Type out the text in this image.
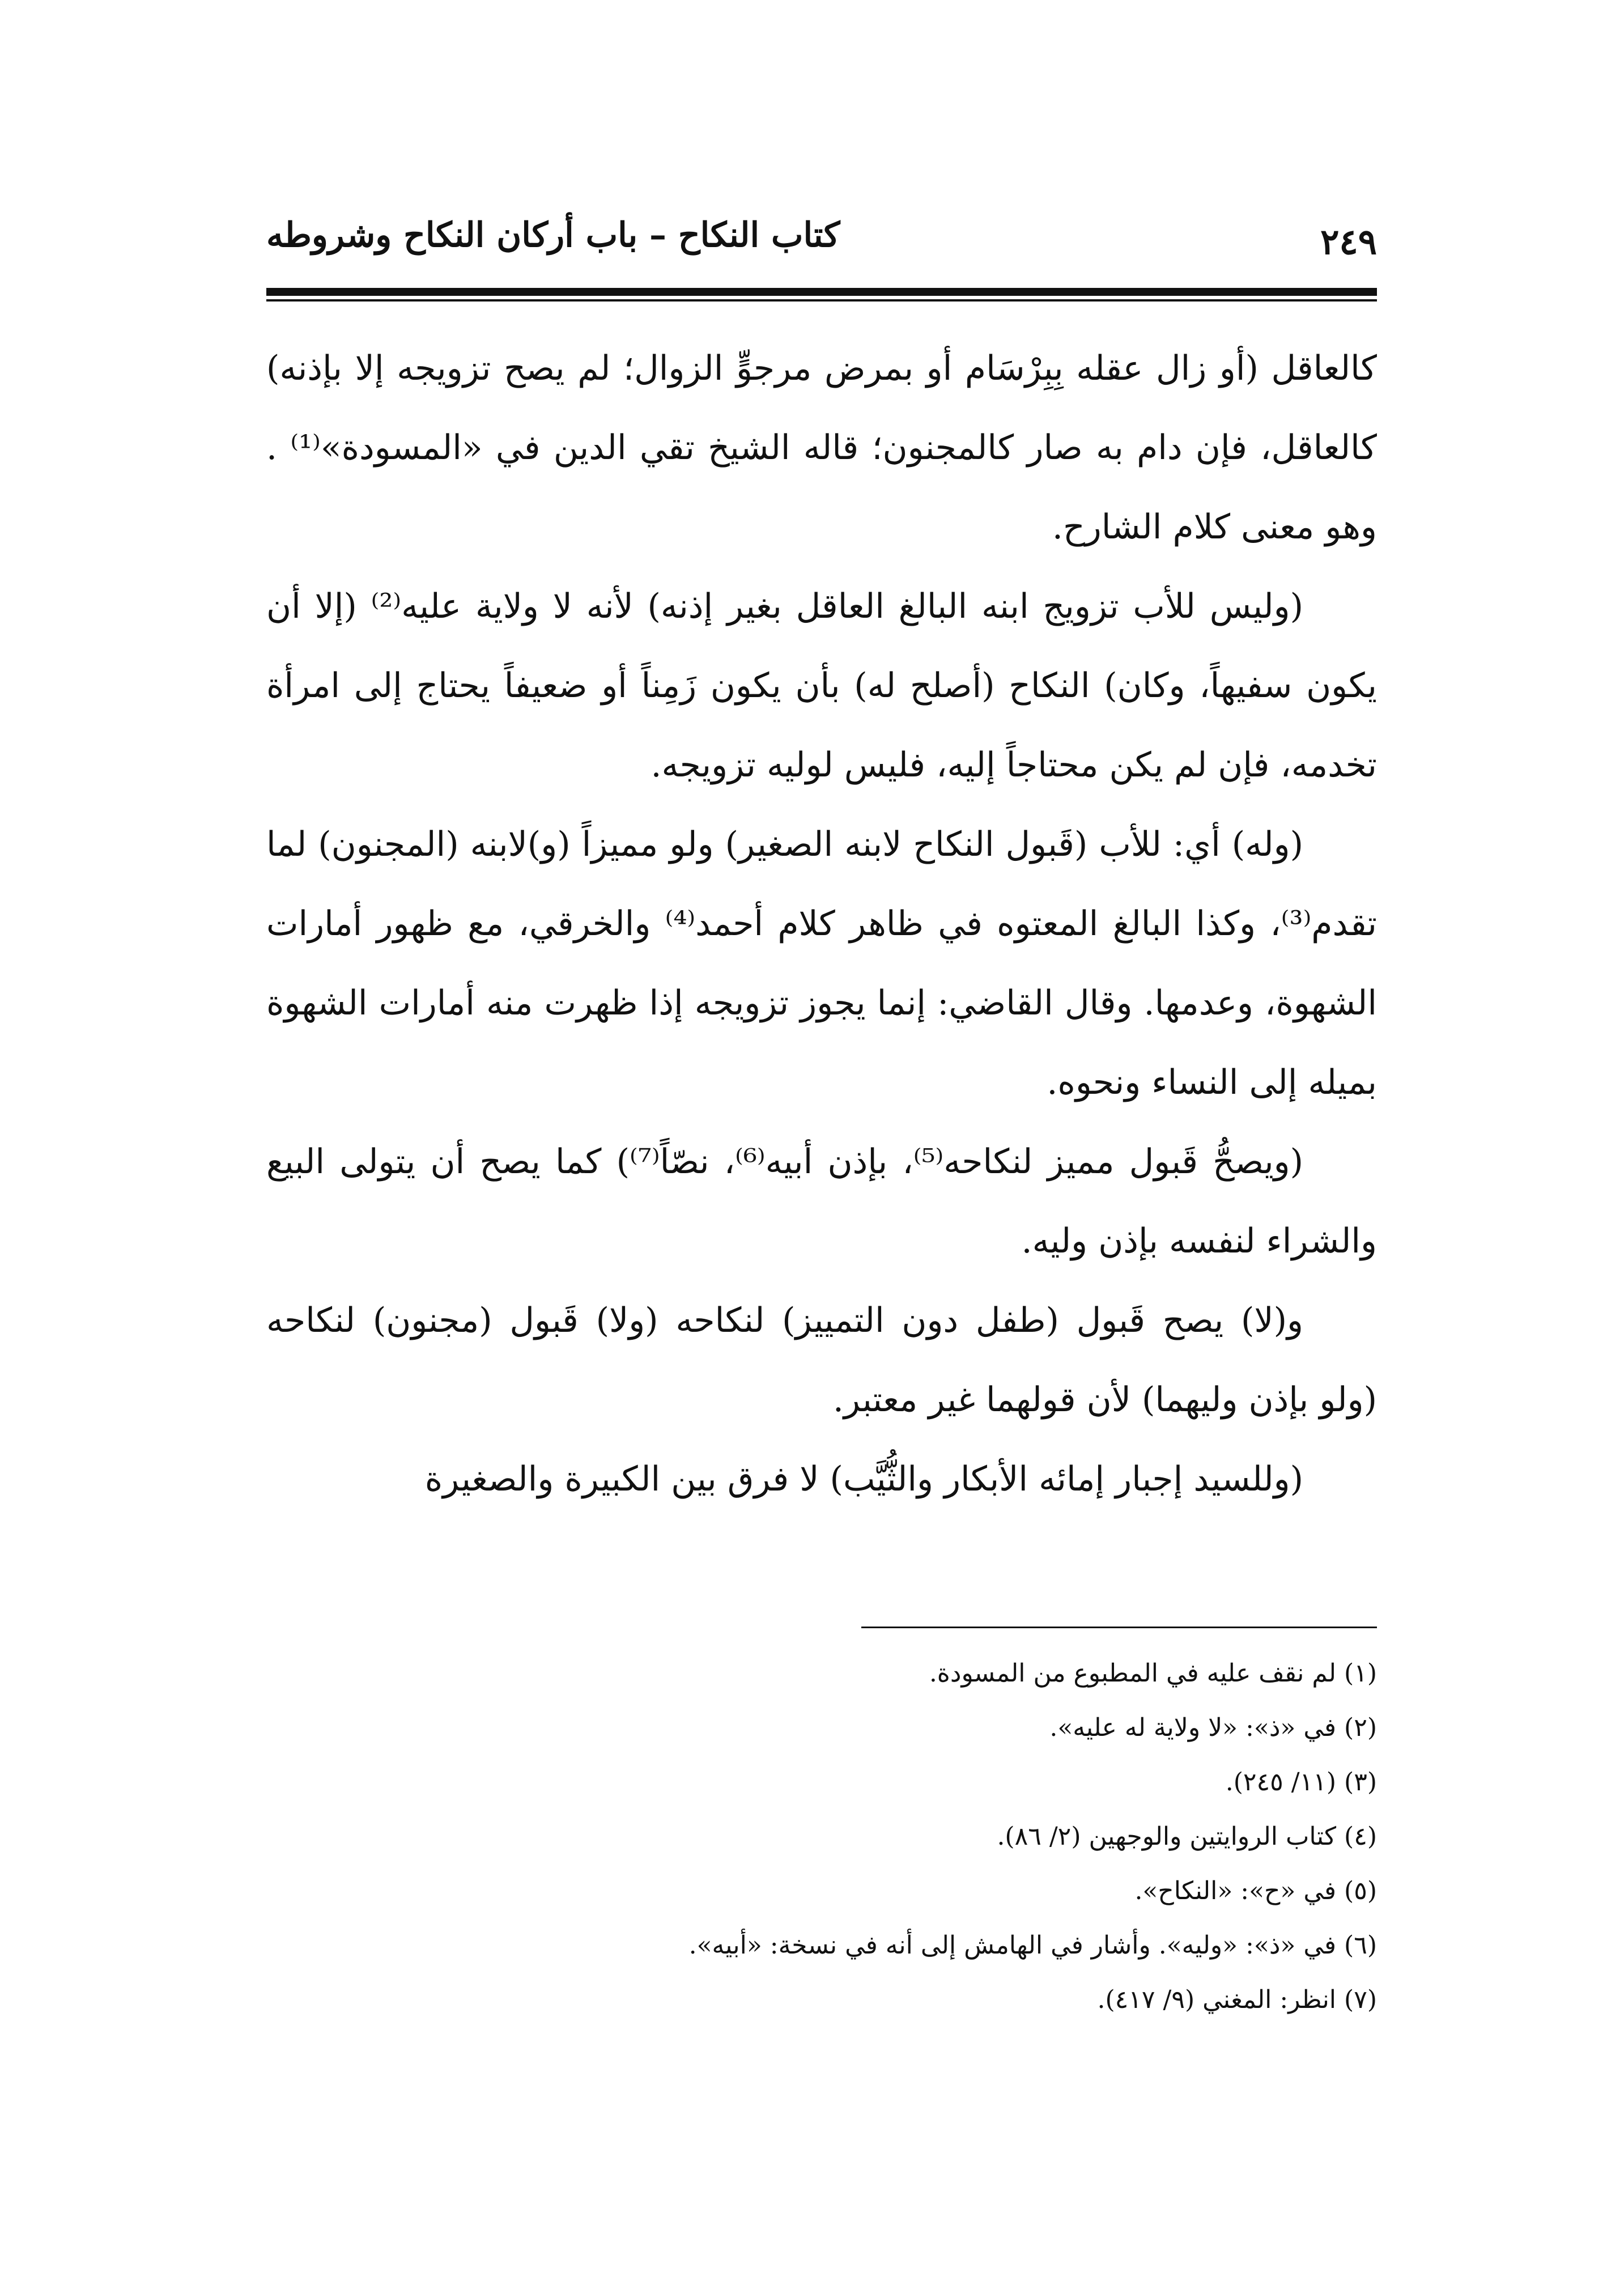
كتاب النكاح – باب أركان النكاح وشروطه	٢٤٩

كالعاقل (أو زال عقله بِبِرْسَام أو بمرض مرجوٍّ الزوال؛ لم يصح تزويجه إلا بإذنه) كالعاقل، فإن دام به صار كالمجنون؛ قاله الشيخ تقي الدين في «المسودة»⁽¹⁾ . وهو معنى كلام الشارح.

(وليس للأب تزويج ابنه البالغ العاقل بغير إذنه) لأنه لا ولاية عليه⁽²⁾ (إلا أن يكون سفيهاً، وكان) النكاح (أصلح له) بأن يكون زَمِناً أو ضعيفاً يحتاج إلى امرأة تخدمه، فإن لم يكن محتاجاً إليه، فليس لوليه تزويجه.

(وله) أي: للأب (قَبول النكاح لابنه الصغير) ولو مميزاً (و)لابنه (المجنون) لما تقدم⁽³⁾، وكذا البالغ المعتوه في ظاهر كلام أحمد⁽⁴⁾ والخرقي، مع ظهور أمارات الشهوة، وعدمها. وقال القاضي: إنما يجوز تزويجه إذا ظهرت منه أمارات الشهوة بميله إلى النساء ونحوه.

(ويصحُّ قَبول مميز لنكاحه⁽⁵⁾، بإذن أبيه⁽⁶⁾، نصّاً⁽⁷⁾) كما يصح أن يتولى البيع والشراء لنفسه بإذن وليه.

و(لا) يصح قَبول (طفل دون التمييز) لنكاحه (ولا) قَبول (مجنون) لنكاحه (ولو بإذن وليهما) لأن قولهما غير معتبر.

(وللسيد إجبار إمائه الأبكار والثُّيَّب) لا فرق بين الكبيرة والصغيرة

(١) لم نقف عليه في المطبوع من المسودة.

(٢) في «ذ»: «لا ولاية له عليه».

(٣) (١١/ ٢٤٥).

(٤) كتاب الروايتين والوجهين (٢/ ٨٦).

(٥) في «ح»: «النكاح».

(٦) في «ذ»: «وليه». وأشار في الهامش إلى أنه في نسخة: «أبيه».

(٧) انظر: المغني (٩/ ٤١٧).
